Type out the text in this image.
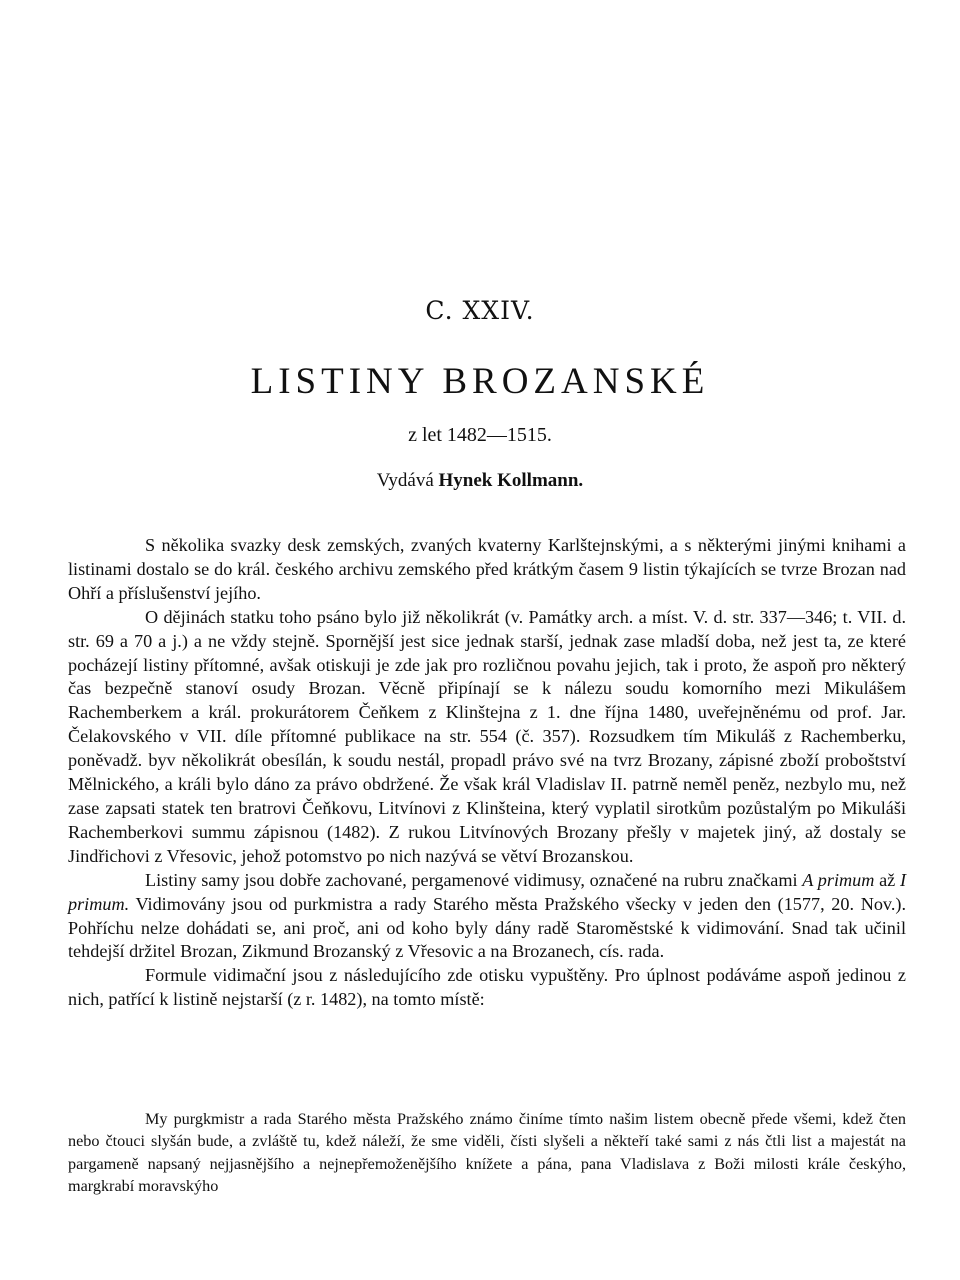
C. XXIV.
LISTINY BROZANSKÉ
z let 1482—1515.
Vydává Hynek Kollmann.

S několika svazky desk zemských, zvaných kvaterny Karlštejnskými, a s některými jinými knihami a listinami dostalo se do král. českého archivu zemského před krátkým časem 9 listin týkajících se tvrze Brozan nad Ohří a příslušenství jejího.

O dějinách statku toho psáno bylo již několikrát (v. Památky arch. a míst. V. d. str. 337—346; t. VII. d. str. 69 a 70 a j.) a ne vždy stejně. Spornější jest sice jednak starší, jednak zase mladší doba, než jest ta, ze které pocházejí listiny přítomné, avšak otiskuji je zde jak pro rozličnou povahu jejich, tak i proto, že aspoň pro některý čas bezpečně stanoví osudy Brozan. Věcně připínají se k nálezu soudu komorního mezi Mikulášem Rachemberkem a král. prokurátorem Čeňkem z Klinštejna z 1. dne října 1480, uveřejněnému od prof. Jar. Čelakovského v VII. díle přítomné publikace na str. 554 (č. 357). Rozsudkem tím Mikuláš z Rachemberku, poněvadž. byv několikrát obesílán, k soudu nestál, propadl právo své na tvrz Brozany, zápisné zboží proboštství Mělnického, a králi bylo dáno za právo obdržené. Že však král Vladislav II. patrně neměl peněz, nezbylo mu, než zase zapsati statek ten bratrovi Čeňkovu, Litvínovi z Klinšteina, který vyplatil sirotkům pozůstalým po Mikuláši Rachemberkovi summu zápisnou (1482). Z rukou Litvínových Brozany přešly v majetek jiný, až dostaly se Jindřichovi z Vřesovic, jehož potomstvo po nich nazývá se větví Brozanskou.

Listiny samy jsou dobře zachované, pergamenové vidimusy, označené na rubru značkami A primum až I primum. Vidimovány jsou od purkmistra a rady Starého města Pražského všecky v jeden den (1577, 20. Nov.). Pohříchu nelze dohádati se, ani proč, ani od koho byly dány radě Staroměstské k vidimování. Snad tak učinil tehdejší držitel Brozan, Zikmund Brozanský z Vřesovic a na Brozanech, cís. rada.

Formule vidimační jsou z následujícího zde otisku vypuštěny. Pro úplnost podáváme aspoň jedinou z nich, patřící k listině nejstarší (z r. 1482), na tomto místě:

My purgkmistr a rada Starého města Pražského známo činíme tímto našim listem obecně přede všemi, kdež čten nebo čtouci slyšán bude, a zvláště tu, kdež náleží, že sme viděli, čísti slyšeli a někteří také sami z nás čtli list a majestát na pargameně napsaný nejjasnějšího a nejnepřemoženějšího knížete a pána, pana Vladislava z Boži milosti krále českýho, margkrabí moravskýho
